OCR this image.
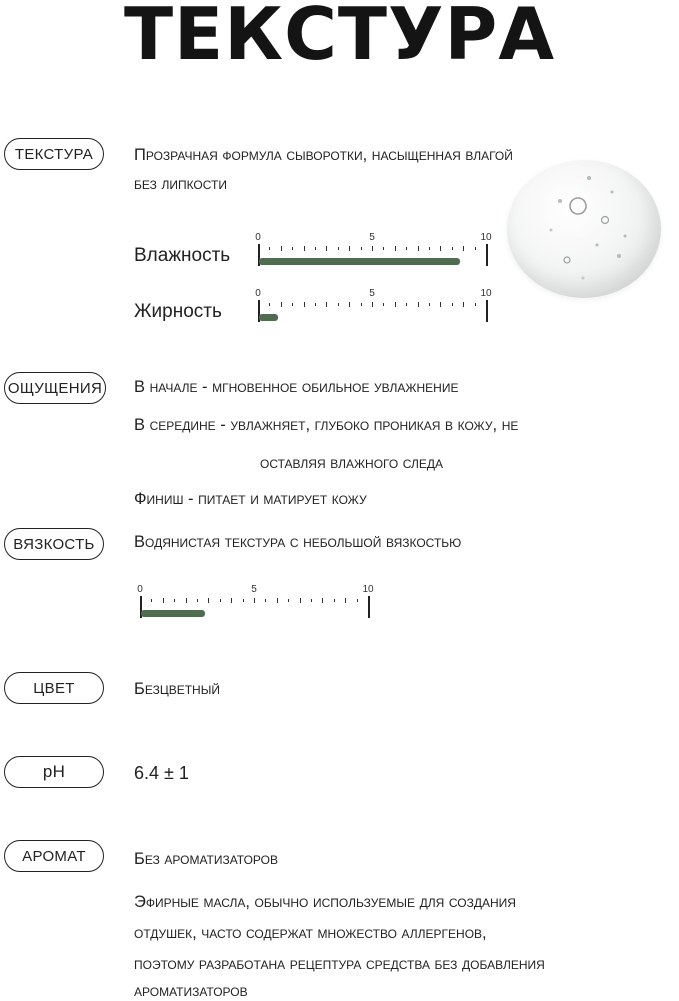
ТЕКСТУРА
ТЕКСТУРА	Прозрачная формула сыворотки, насыщенная влагой
без липкости
Влажность
0	5	10
Жирность
0	5	10
ОЩУЩЕНИЯ В начале - мгновенное обильное увлажнение
В середине - увлажняет, глубоко проникая в кожу, не
оставляя влажного следа
Финиш - питает и матирует кожу
ВЯЗКОСТЬ	Водянистая текстура с небольшой вязкостью
0	5	10
ЦВЕТ	Безцветный
pH	6.4 ± 1
АРОМАТ	Без ароматизаторов
Эфирные масла, обычно используемые для создания
отдушек, часто содержат множество аллергенов,
поэтому разработана рецептура средства без добавления
ароматизаторов
